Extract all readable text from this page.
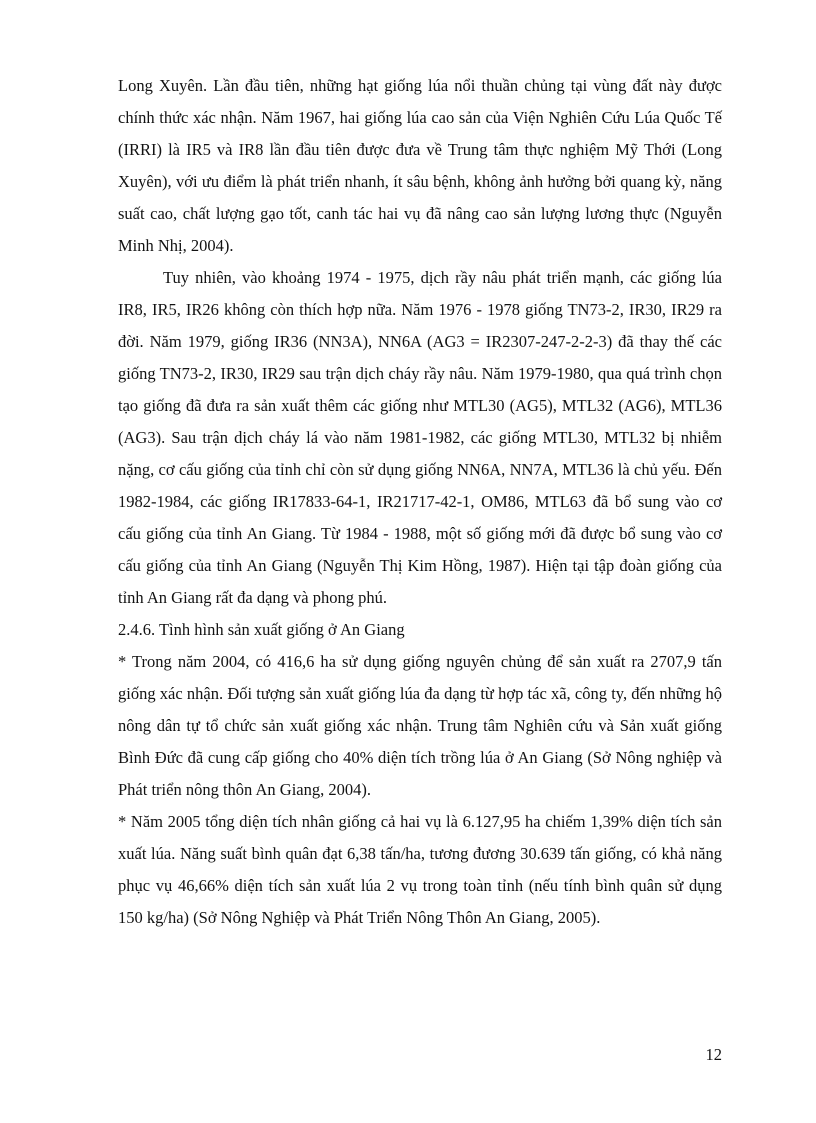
Long Xuyên. Lần đầu tiên, những hạt giống lúa nổi thuần chủng tại vùng đất này được chính thức xác nhận. Năm 1967, hai giống lúa cao sản của Viện Nghiên Cứu Lúa Quốc Tế (IRRI) là IR5 và IR8 lần đầu tiên được đưa về Trung tâm thực nghiệm Mỹ Thới (Long Xuyên), với ưu điểm là phát triển nhanh, ít sâu bệnh, không ảnh hưởng bởi quang kỳ, năng suất cao, chất lượng gạo tốt, canh tác hai vụ đã nâng cao sản lượng lương thực (Nguyễn Minh Nhị, 2004).

Tuy nhiên, vào khoảng 1974 - 1975, dịch rầy nâu phát triển mạnh, các giống lúa IR8, IR5, IR26 không còn thích hợp nữa. Năm 1976 - 1978 giống TN73-2, IR30, IR29 ra đời. Năm 1979, giống IR36 (NN3A), NN6A (AG3 = IR2307-247-2-2-3) đã thay thế các giống TN73-2, IR30, IR29 sau trận dịch cháy rầy nâu. Năm 1979-1980, qua quá trình chọn tạo giống đã đưa ra sản xuất thêm các giống như MTL30 (AG5), MTL32 (AG6), MTL36 (AG3). Sau trận dịch cháy lá vào năm 1981-1982, các giống MTL30, MTL32 bị nhiễm nặng, cơ cấu giống của tỉnh chỉ còn sử dụng giống NN6A, NN7A, MTL36 là chủ yếu. Đến 1982-1984, các giống IR17833-64-1, IR21717-42-1, OM86, MTL63 đã bổ sung vào cơ cấu giống của tỉnh An Giang. Từ 1984 - 1988, một số giống mới đã được bổ sung vào cơ cấu giống của tỉnh An Giang (Nguyễn Thị Kim Hồng, 1987). Hiện tại tập đoàn giống của tỉnh An Giang rất đa dạng và phong phú.

2.4.6. Tình hình sản xuất giống ở An Giang

* Trong năm 2004, có 416,6 ha sử dụng giống nguyên chủng để sản xuất ra 2707,9 tấn giống xác nhận. Đối tượng sản xuất giống lúa đa dạng từ hợp tác xã, công ty, đến những hộ nông dân tự tổ chức sản xuất giống xác nhận. Trung tâm Nghiên cứu và Sản xuất giống Bình Đức đã cung cấp giống cho 40% diện tích trồng lúa ở An Giang (Sở Nông nghiệp và Phát triển nông thôn An Giang, 2004).

* Năm 2005 tổng diện tích nhân giống cả hai vụ là 6.127,95 ha chiếm 1,39% diện tích sản xuất lúa. Năng suất bình quân đạt 6,38 tấn/ha, tương đương 30.639 tấn giống, có khả năng phục vụ 46,66% diện tích sản xuất lúa 2 vụ trong toàn tỉnh (nếu tính bình quân sử dụng 150 kg/ha) (Sở Nông Nghiệp và Phát Triển Nông Thôn An Giang, 2005).

12
